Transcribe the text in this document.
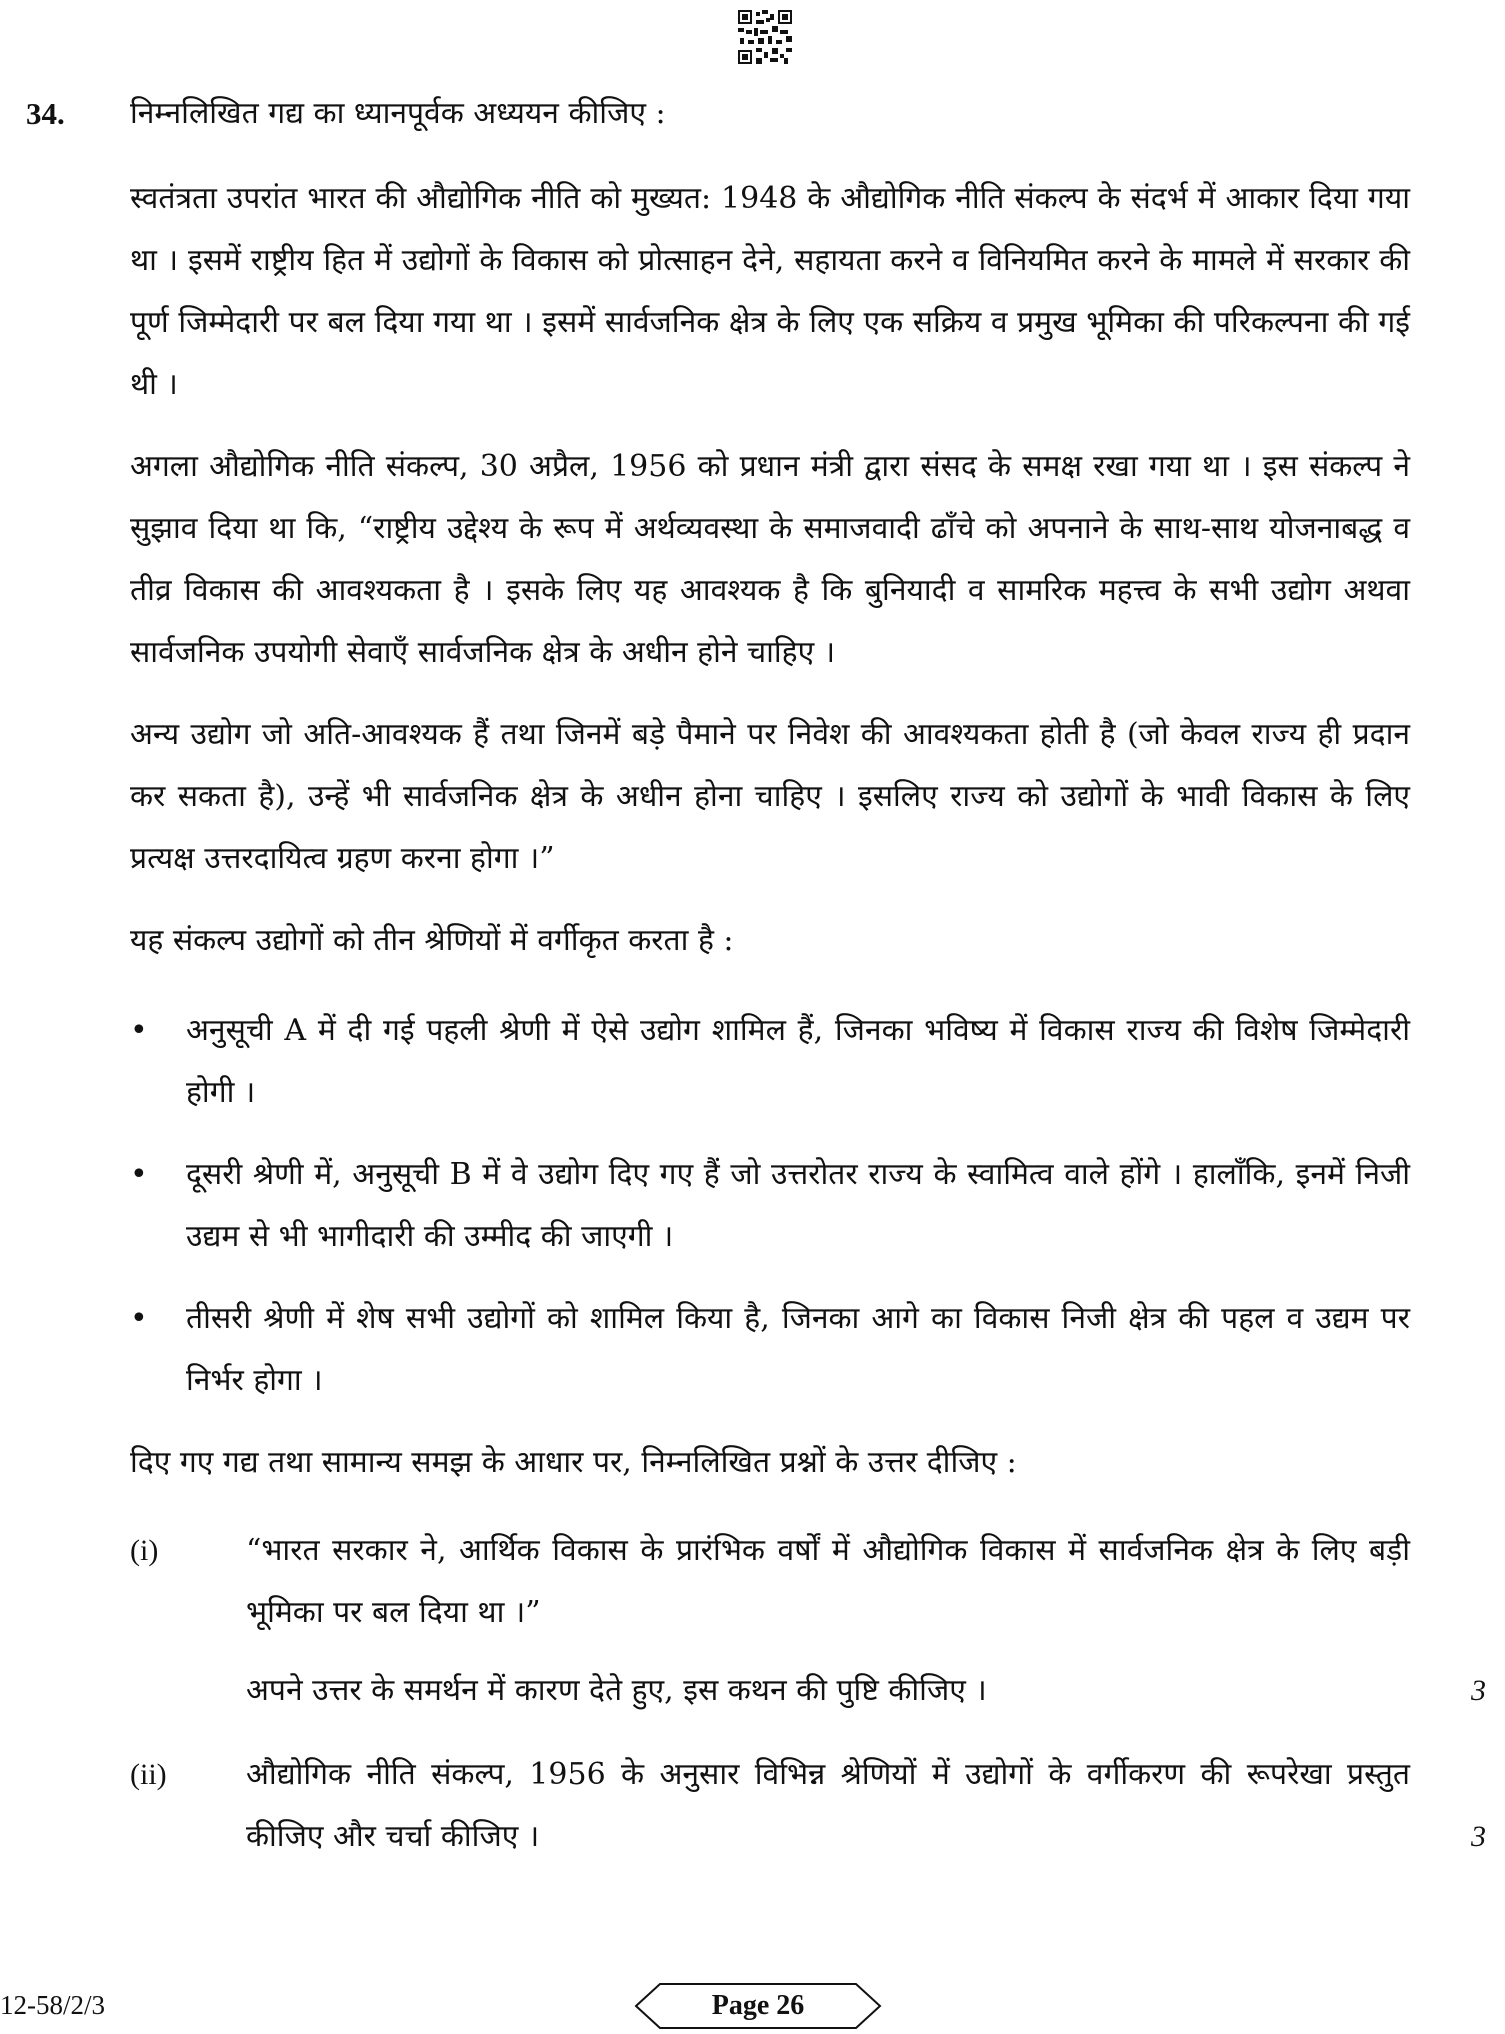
34. निम्नलिखित गद्य का ध्यानपूर्वक अध्ययन कीजिए :

स्वतंत्रता उपरांत भारत की औद्योगिक नीति को मुख्यत: 1948 के औद्योगिक नीति संकल्प के संदर्भ में आकार दिया गया था । इसमें राष्ट्रीय हित में उद्योगों के विकास को प्रोत्साहन देने, सहायता करने व विनियमित करने के मामले में सरकार की पूर्ण जिम्मेदारी पर बल दिया गया था । इसमें सार्वजनिक क्षेत्र के लिए एक सक्रिय व प्रमुख भूमिका की परिकल्पना की गई थी ।

अगला औद्योगिक नीति संकल्प, 30 अप्रैल, 1956 को प्रधान मंत्री द्वारा संसद के समक्ष रखा गया था । इस संकल्प ने सुझाव दिया था कि, “राष्ट्रीय उद्देश्य के रूप में अर्थव्यवस्था के समाजवादी ढाँचे को अपनाने के साथ-साथ योजनाबद्ध व तीव्र विकास की आवश्यकता है । इसके लिए यह आवश्यक है कि बुनियादी व सामरिक महत्त्व के सभी उद्योग अथवा सार्वजनिक उपयोगी सेवाएँ सार्वजनिक क्षेत्र के अधीन होने चाहिए ।

अन्य उद्योग जो अति-आवश्यक हैं तथा जिनमें बड़े पैमाने पर निवेश की आवश्यकता होती है (जो केवल राज्य ही प्रदान कर सकता है), उन्हें भी सार्वजनिक क्षेत्र के अधीन होना चाहिए । इसलिए राज्य को उद्योगों के भावी विकास के लिए प्रत्यक्ष उत्तरदायित्व ग्रहण करना होगा ।”

यह संकल्प उद्योगों को तीन श्रेणियों में वर्गीकृत करता है :

• अनुसूची A में दी गई पहली श्रेणी में ऐसे उद्योग शामिल हैं, जिनका भविष्य में विकास राज्य की विशेष जिम्मेदारी होगी ।
• दूसरी श्रेणी में, अनुसूची B में वे उद्योग दिए गए हैं जो उत्तरोतर राज्य के स्वामित्व वाले होंगे । हालाँकि, इनमें निजी उद्यम से भी भागीदारी की उम्मीद की जाएगी ।
• तीसरी श्रेणी में शेष सभी उद्योगों को शामिल किया है, जिनका आगे का विकास निजी क्षेत्र की पहल व उद्यम पर निर्भर होगा ।

दिए गए गद्य तथा सामान्य समझ के आधार पर, निम्नलिखित प्रश्नों के उत्तर दीजिए :

(i)	“भारत सरकार ने, आर्थिक विकास के प्रारंभिक वर्षों में औद्योगिक विकास में सार्वजनिक क्षेत्र के लिए बड़ी भूमिका पर बल दिया था ।”
अपने उत्तर के समर्थन में कारण देते हुए, इस कथन की पुष्टि कीजिए ।	3
(ii)	औद्योगिक नीति संकल्प, 1956 के अनुसार विभिन्न श्रेणियों में उद्योगों के वर्गीकरण की रूपरेखा प्रस्तुत कीजिए और चर्चा कीजिए ।	3
12-58/2/3	Page 26
